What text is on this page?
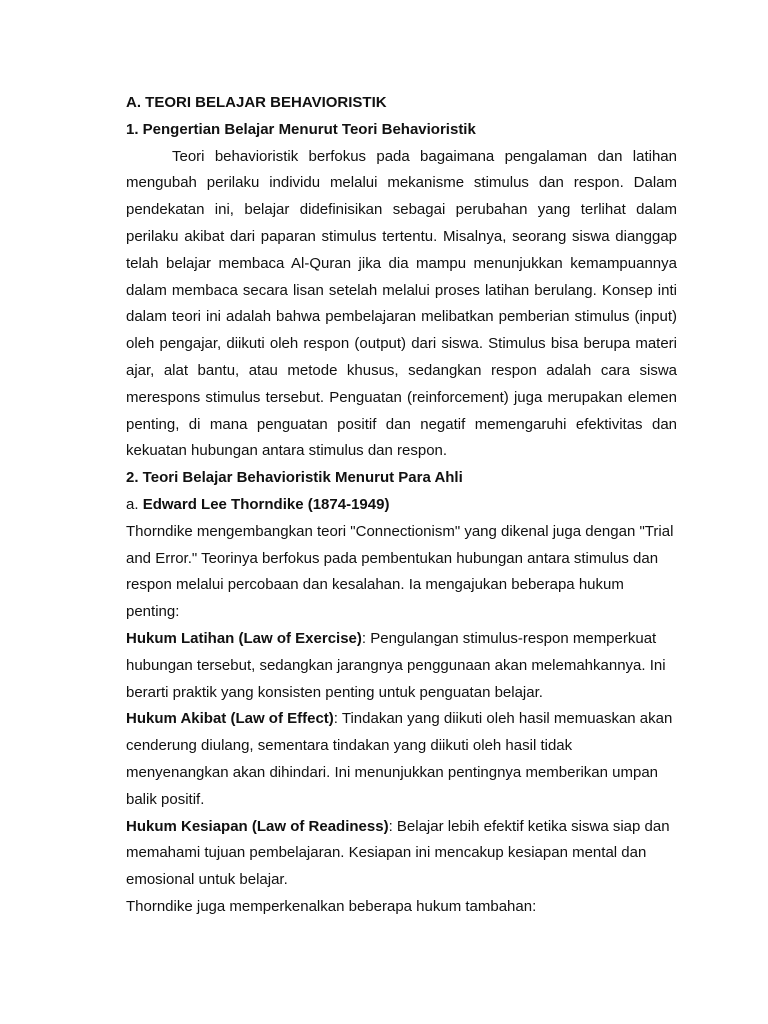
A. TEORI BELAJAR BEHAVIORISTIK

1. Pengertian Belajar Menurut Teori Behavioristik

Teori behavioristik berfokus pada bagaimana pengalaman dan latihan mengubah perilaku individu melalui mekanisme stimulus dan respon. Dalam pendekatan ini, belajar didefinisikan sebagai perubahan yang terlihat dalam perilaku akibat dari paparan stimulus tertentu. Misalnya, seorang siswa dianggap telah belajar membaca Al-Quran jika dia mampu menunjukkan kemampuannya dalam membaca secara lisan setelah melalui proses latihan berulang. Konsep inti dalam teori ini adalah bahwa pembelajaran melibatkan pemberian stimulus (input) oleh pengajar, diikuti oleh respon (output) dari siswa. Stimulus bisa berupa materi ajar, alat bantu, atau metode khusus, sedangkan respon adalah cara siswa merespons stimulus tersebut. Penguatan (reinforcement) juga merupakan elemen penting, di mana penguatan positif dan negatif memengaruhi efektivitas dan kekuatan hubungan antara stimulus dan respon.

2. Teori Belajar Behavioristik Menurut Para Ahli

a. Edward Lee Thorndike (1874-1949)

Thorndike mengembangkan teori "Connectionism" yang dikenal juga dengan "Trial and Error." Teorinya berfokus pada pembentukan hubungan antara stimulus dan respon melalui percobaan dan kesalahan. Ia mengajukan beberapa hukum penting:

Hukum Latihan (Law of Exercise): Pengulangan stimulus-respon memperkuat hubungan tersebut, sedangkan jarangnya penggunaan akan melemahkannya. Ini berarti praktik yang konsisten penting untuk penguatan belajar.

Hukum Akibat (Law of Effect): Tindakan yang diikuti oleh hasil memuaskan akan cenderung diulang, sementara tindakan yang diikuti oleh hasil tidak menyenangkan akan dihindari. Ini menunjukkan pentingnya memberikan umpan balik positif.

Hukum Kesiapan (Law of Readiness): Belajar lebih efektif ketika siswa siap dan memahami tujuan pembelajaran. Kesiapan ini mencakup kesiapan mental dan emosional untuk belajar.

Thorndike juga memperkenalkan beberapa hukum tambahan:
